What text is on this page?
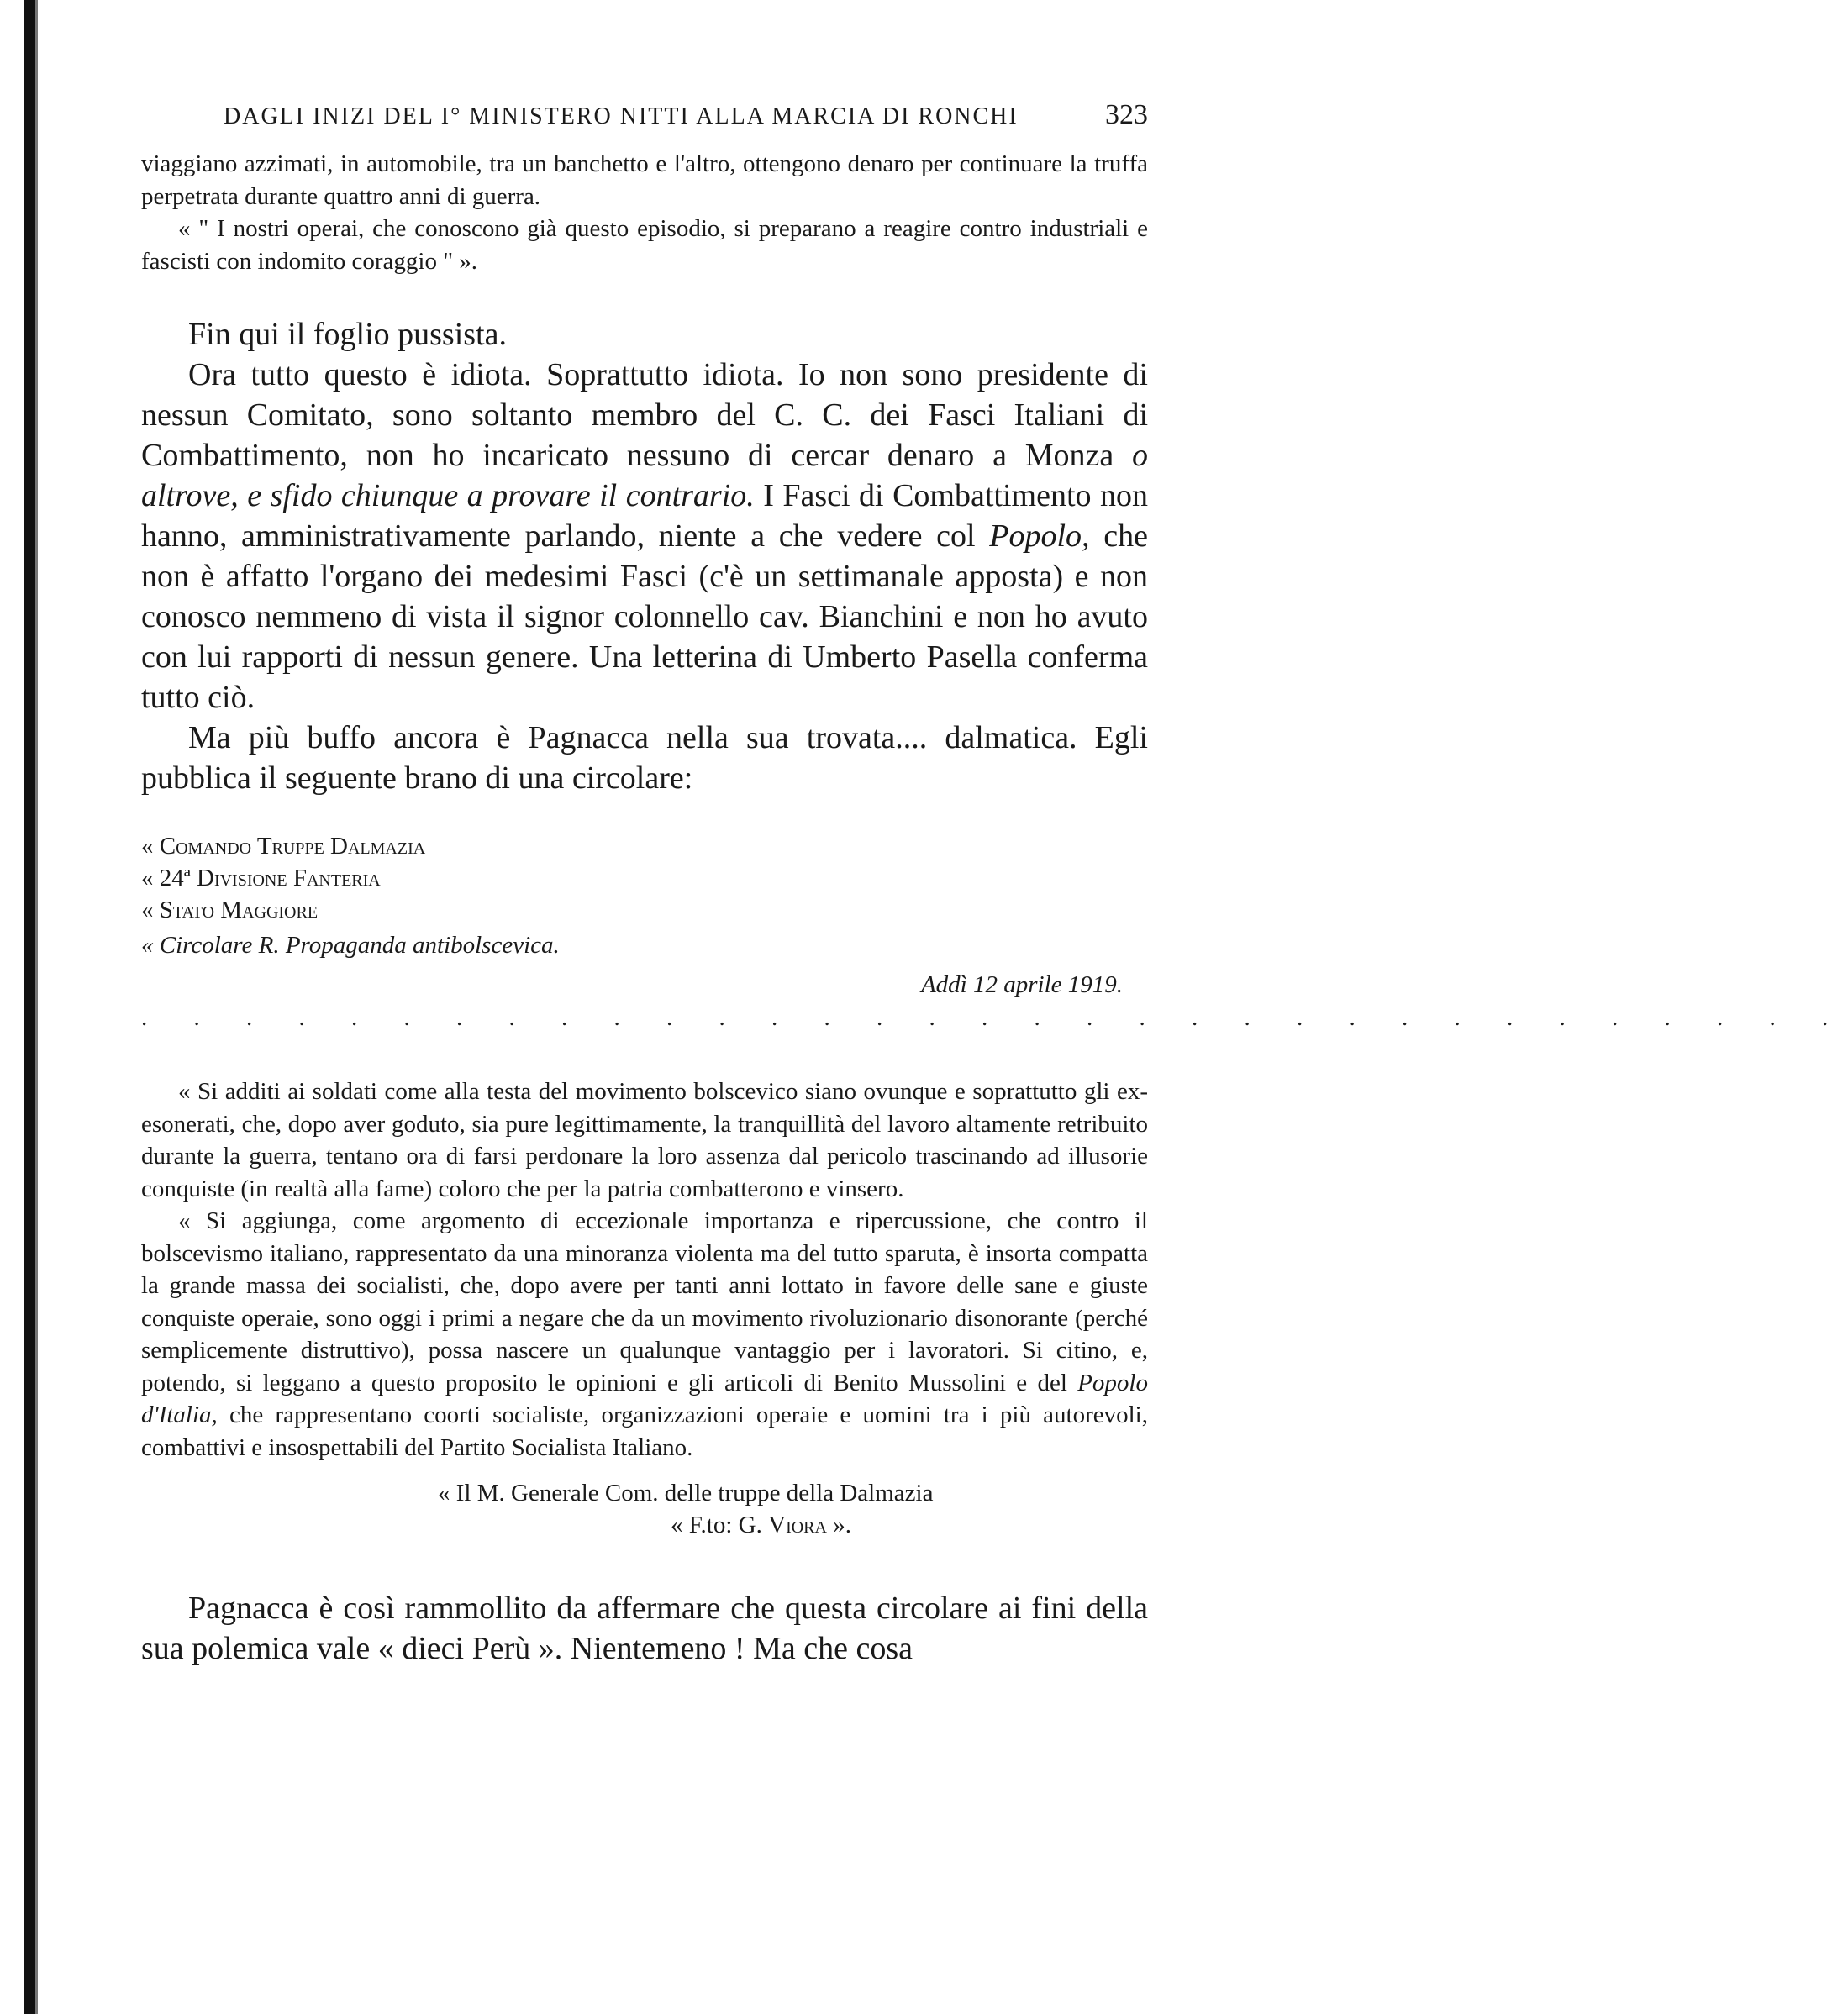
DAGLI INIZI DEL I° MINISTERO NITTI ALLA MARCIA DI RONCHI	323

viaggiano azzimati, in automobile, tra un banchetto e l'altro, ottengono denaro per continuare la truffa perpetrata durante quattro anni di guerra.

« " I nostri operai, che conoscono già questo episodio, si preparano a reagire contro industriali e fascisti con indomito coraggio " ».

Fin qui il foglio pussista.

Ora tutto questo è idiota. Soprattutto idiota. Io non sono presidente di nessun Comitato, sono soltanto membro del C. C. dei Fasci Italiani di Combattimento, non ho incaricato nessuno di cercar denaro a Monza o altrove, e sfido chiunque a provare il contrario. I Fasci di Combattimento non hanno, amministrativamente parlando, niente a che vedere col Popolo, che non è affatto l'organo dei medesimi Fasci (c'è un settimanale apposta) e non conosco nemmeno di vista il signor colonnello cav. Bianchini e non ho avuto con lui rapporti di nessun genere. Una letterina di Umberto Pasella conferma tutto ciò.

Ma più buffo ancora è Pagnacca nella sua trovata.... dalmatica. Egli pubblica il seguente brano di una circolare:

« Comando Truppe Dalmazia
« 24ª Divisione Fanteria
« Stato Maggiore
« Circolare R. Propaganda antibolscevica.
Addì 12 aprile 1919.
. . . . . . . . . . . . . . . . . . . . . . . . . . . . . . . . .

« Si additi ai soldati come alla testa del movimento bolscevico siano ovunque e soprattutto gli ex-esonerati, che, dopo aver goduto, sia pure legittimamente, la tranquillità del lavoro altamente retribuito durante la guerra, tentano ora di farsi perdonare la loro assenza dal pericolo trascinando ad illusorie conquiste (in realtà alla fame) coloro che per la patria combatterono e vinsero.

« Si aggiunga, come argomento di eccezionale importanza e ripercussione, che contro il bolscevismo italiano, rappresentato da una minoranza violenta ma del tutto sparuta, è insorta compatta la grande massa dei socialisti, che, dopo avere per tanti anni lottato in favore delle sane e giuste conquiste operaie, sono oggi i primi a negare che da un movimento rivoluzionario disonorante (perché semplicemente distruttivo), possa nascere un qualunque vantaggio per i lavoratori. Si citino, e, potendo, si leggano a questo proposito le opinioni e gli articoli di Benito Mussolini e del Popolo d'Italia, che rappresentano coorti socialiste, organizzazioni operaie e uomini tra i più autorevoli, combattivi e insospettabili del Partito Socialista Italiano.

« Il M. Generale Com. delle truppe della Dalmazia
« F.to: G. Viora ».

Pagnacca è così rammollito da affermare che questa circolare ai fini della sua polemica vale « dieci Perù ». Nientemeno ! Ma che cosa
